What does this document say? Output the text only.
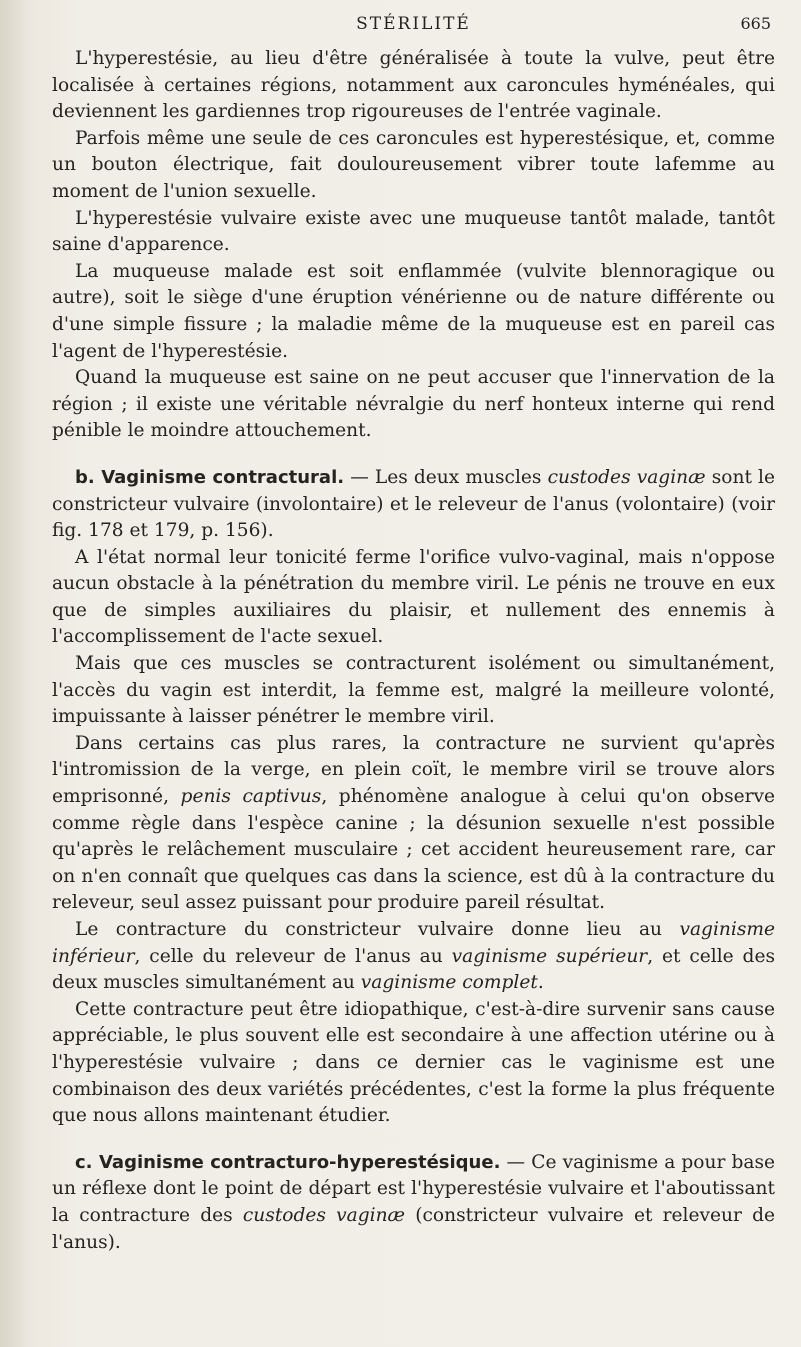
STÉRILITÉ	665

L'hyperestésie, au lieu d'être généralisée à toute la vulve, peut être localisée à certaines régions, notamment aux caroncules hyménéales, qui deviennent les gardiennes trop rigoureuses de l'entrée vaginale.

Parfois même une seule de ces caroncules est hyperestésique, et, comme un bouton électrique, fait douloureusement vibrer toute lafemme au moment de l'union sexuelle.

L'hyperestésie vulvaire existe avec une muqueuse tantôt malade, tantôt saine d'apparence.

La muqueuse malade est soit enflammée (vulvite blennoragique ou autre), soit le siège d'une éruption vénérienne ou de nature différente ou d'une simple fissure ; la maladie même de la muqueuse est en pareil cas l'agent de l'hyperestésie.

Quand la muqueuse est saine on ne peut accuser que l'innervation de la région ; il existe une véritable névralgie du nerf honteux interne qui rend pénible le moindre attouchement.

b. Vaginisme contractural. — Les deux muscles custodes vaginæ sont le constricteur vulvaire (involontaire) et le releveur de l'anus (volontaire) (voir fig. 178 et 179, p. 156).

A l'état normal leur tonicité ferme l'orifice vulvo-vaginal, mais n'oppose aucun obstacle à la pénétration du membre viril. Le pénis ne trouve en eux que de simples auxiliaires du plaisir, et nullement des ennemis à l'accomplissement de l'acte sexuel.

Mais que ces muscles se contracturent isolément ou simultanément, l'accès du vagin est interdit, la femme est, malgré la meilleure volonté, impuissante à laisser pénétrer le membre viril.

Dans certains cas plus rares, la contracture ne survient qu'après l'intromission de la verge, en plein coït, le membre viril se trouve alors emprisonné, penis captivus, phénomène analogue à celui qu'on observe comme règle dans l'espèce canine ; la désunion sexuelle n'est possible qu'après le relâchement musculaire ; cet accident heureusement rare, car on n'en connaît que quelques cas dans la science, est dû à la contracture du releveur, seul assez puissant pour produire pareil résultat.

Le contracture du constricteur vulvaire donne lieu au vaginisme inférieur, celle du releveur de l'anus au vaginisme supérieur, et celle des deux muscles simultanément au vaginisme complet.

Cette contracture peut être idiopathique, c'est-à-dire survenir sans cause appréciable, le plus souvent elle est secondaire à une affection utérine ou à l'hyperestésie vulvaire ; dans ce dernier cas le vaginisme est une combinaison des deux variétés précédentes, c'est la forme la plus fréquente que nous allons maintenant étudier.

c. Vaginisme contracturo-hyperestésique. — Ce vaginisme a pour base un réflexe dont le point de départ est l'hyperestésie vulvaire et l'aboutissant la contracture des custodes vaginæ (constricteur vulvaire et releveur de l'anus).
